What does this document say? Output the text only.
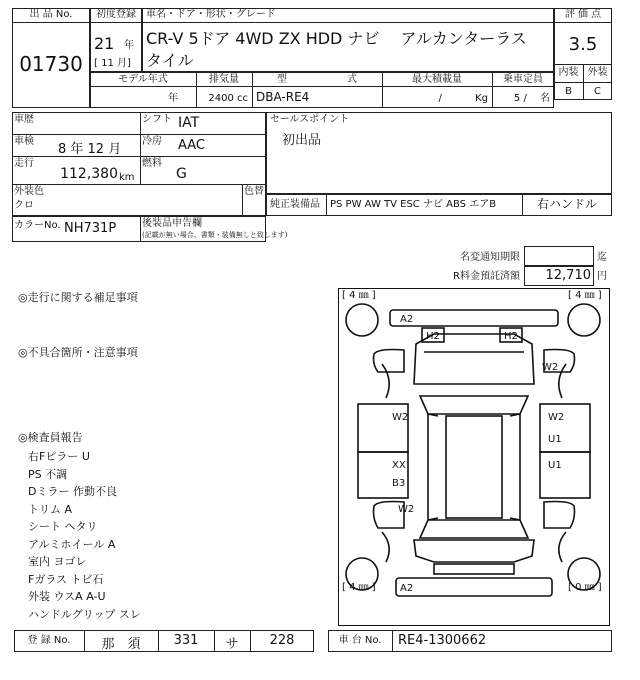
出 品 No.
01730
初度登録
21 年
[ 11 月]
車名・ドア・形状・グレード
CR-V 5ドア 4WD ZX HDD ナビ　 アルカンターラス
タイル
評 価 点
3.5
内装 外装
B	C
モデル年式
年
排気量
2400 cc
型　　　　　　式
DBA-RE4
最大積載量
/　　　 Kg
乗車定員
5 /　 名
車歴	シフト IAT
車検
8 年 12 月
冷房 AAC
走行
112,380 km
燃料
G
外装色
クロ
色替
カラーNo. NH731P	後装品申告欄
(記載が無い場合、書類・装備無しと致します)
セールスポイント
初出品
純正装備品 PS PW AW TV ESC ナビ ABS エアB	右ハンドル
名変通知期限	迄
R料金預託済額	12,710 円
◎走行に関する補足事項
◎不具合箇所・注意事項
◎検査員報告
右Fピラー U
PS 不調
Dミラー 作動不良
トリム A
シート ヘタリ
アルミホイール A
室内 ヨゴレ
Fガラス トビ石
外装 ウスA A-U
ハンドルグリップ スレ
[ 4 ㎜ ]	[ 4 ㎜ ]
[ 4 ㎜ ]	[ 0 ㎜ ]
A2
H2	H2
W2
W2	W2
U1
XX
B3
U1
W2
A2
登 録 No.	那　須	331	サ	228	車 台 No.	RE4-1300662
